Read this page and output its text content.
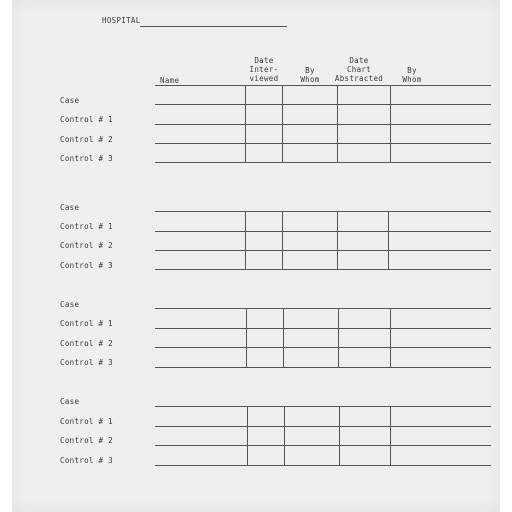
HOSPITAL
Name
Date
Inter-
viewed
By
Whom
Date
Chart
Abstracted
By
Whom
Case
Control # 1
Control # 2
Control # 3
Case
Control # 1
Control # 2
Control # 3
Case
Control # 1
Control # 2
Control # 3
Case
Control # 1
Control # 2
Control # 3
